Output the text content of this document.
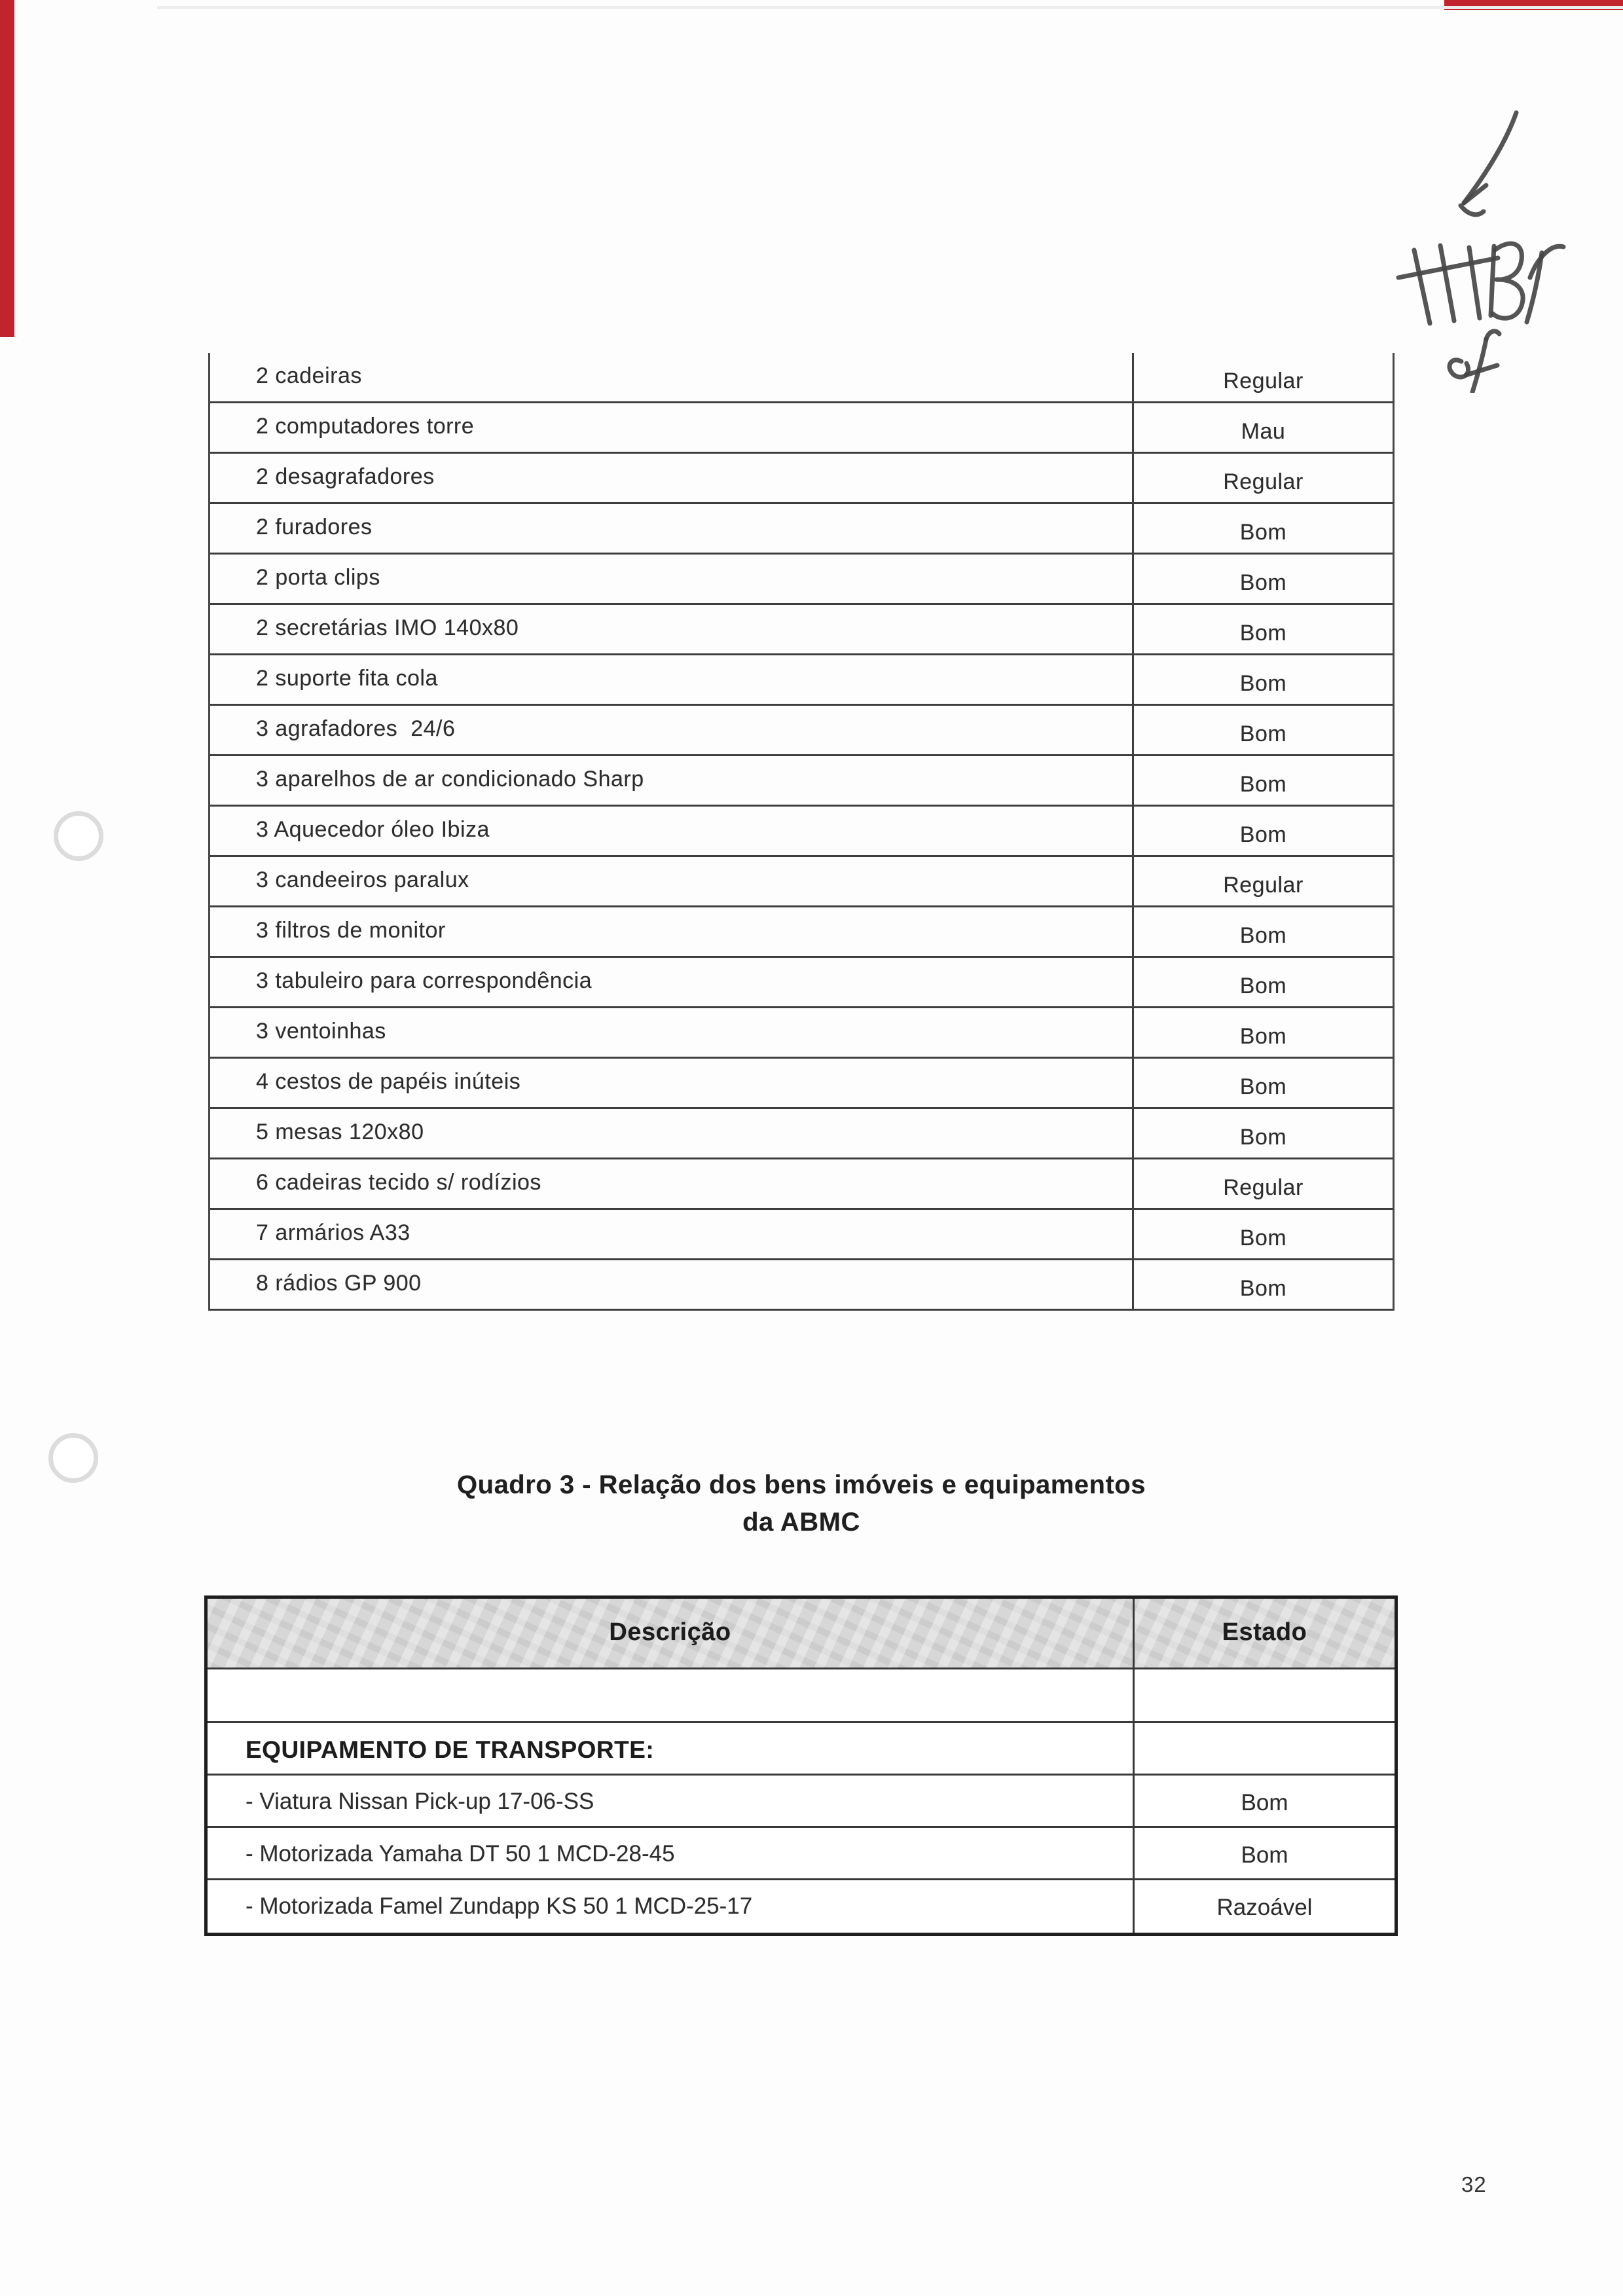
2 cadeiras	Regular
2 computadores torre	Mau
2 desagrafadores	Regular
2 furadores	Bom
2 porta clips	Bom
2 secretárias IMO 140x80	Bom
2 suporte fita cola	Bom
3 agrafadores  24/6	Bom
3 aparelhos de ar condicionado Sharp	Bom
3 Aquecedor óleo Ibiza	Bom
3 candeeiros paralux	Regular
3 filtros de monitor	Bom
3 tabuleiro para correspondência	Bom
3 ventoinhas	Bom
4 cestos de papéis inúteis	Bom
5 mesas 120x80	Bom
6 cadeiras tecido s/ rodízios	Regular
7 armários A33	Bom
8 rádios GP 900	Bom
Quadro 3 - Relação dos bens imóveis e equipamentos
da ABMC
Descrição	Estado
EQUIPAMENTO DE TRANSPORTE:
- Viatura Nissan Pick-up 17-06-SS	Bom
- Motorizada Yamaha DT 50 1 MCD-28-45	Bom
- Motorizada Famel Zundapp KS 50 1 MCD-25-17	Razoável
32
